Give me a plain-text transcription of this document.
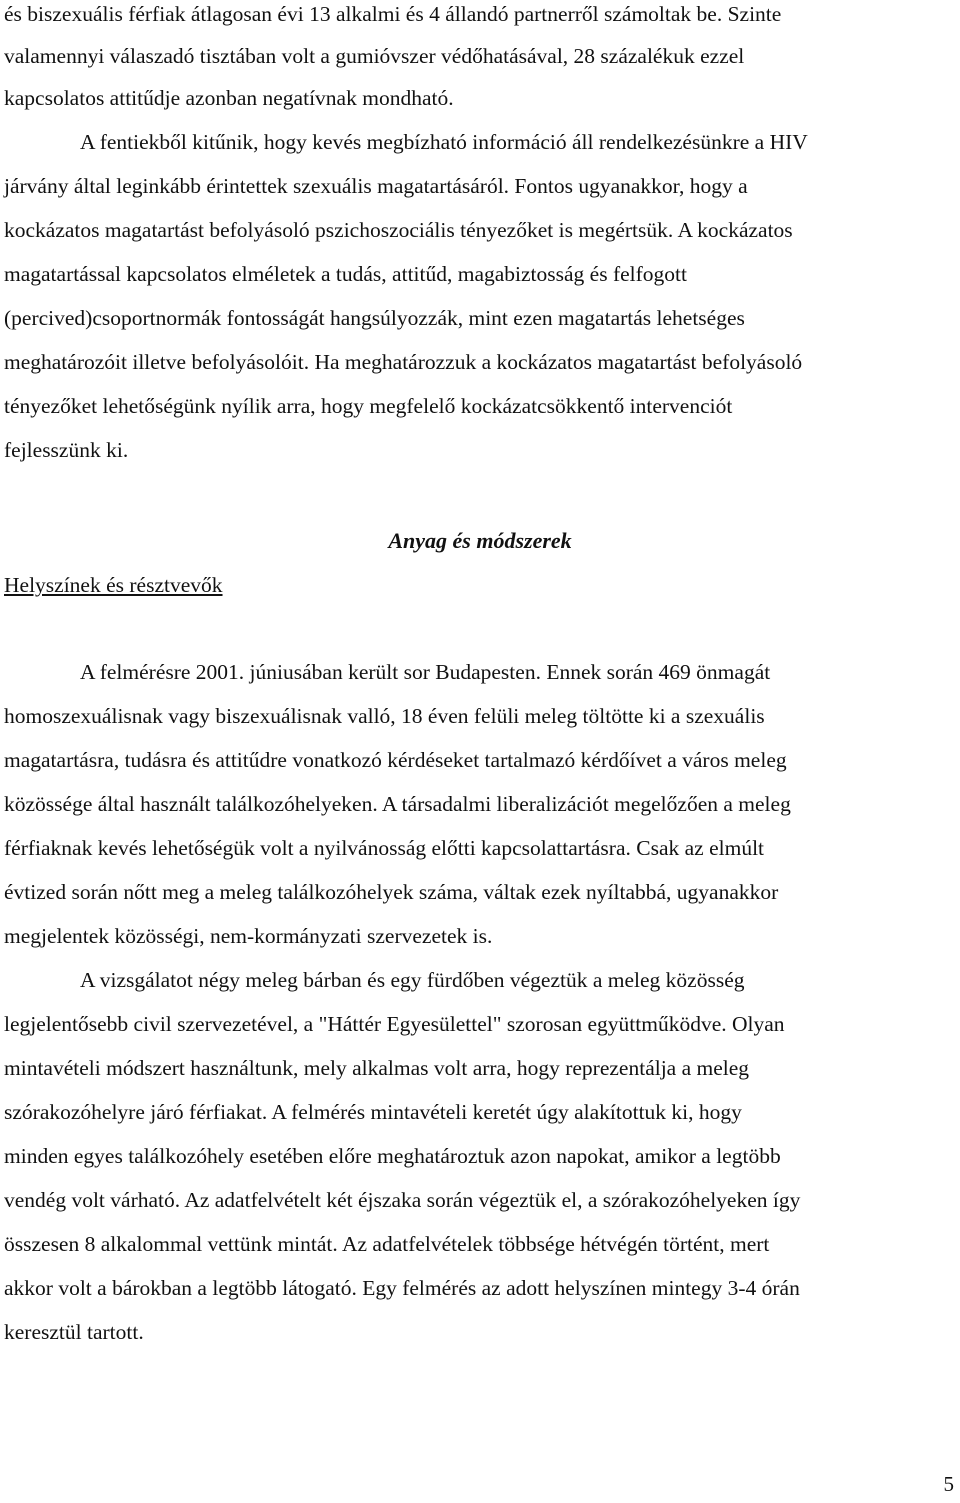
és biszexuális férfiak átlagosan évi 13 alkalmi és 4 állandó partnerről számoltak be. Szinte
valamennyi válaszadó tisztában volt a gumióvszer védőhatásával, 28 százalékuk ezzel
kapcsolatos attitűdje azonban negatívnak mondható.
A fentiekből kitűnik, hogy kevés megbízható információ áll rendelkezésünkre a HIV
járvány által leginkább érintettek szexuális magatartásáról. Fontos ugyanakkor, hogy a
kockázatos magatartást befolyásoló pszichoszociális tényezőket is megértsük. A kockázatos
magatartással kapcsolatos elméletek a tudás, attitűd, magabiztosság és felfogott
(percived)csoportnormák fontosságát hangsúlyozzák, mint ezen magatartás lehetséges
meghatározóit illetve befolyásolóit. Ha meghatározzuk a kockázatos magatartást befolyásoló
tényezőket lehetőségünk nyílik arra, hogy megfelelő kockázatcsökkentő intervenciót
fejlesszünk ki.
Anyag és módszerek
Helyszínek és résztvevők
A felmérésre 2001. júniusában került sor Budapesten. Ennek során 469 önmagát
homoszexuálisnak vagy biszexuálisnak valló, 18 éven felüli meleg töltötte ki a szexuális
magatartásra, tudásra és attitűdre vonatkozó kérdéseket tartalmazó kérdőívet a város meleg
közössége által használt találkozóhelyeken. A társadalmi liberalizációt megelőzően a meleg
férfiaknak kevés lehetőségük volt a nyilvánosság előtti kapcsolattartásra. Csak az elmúlt
évtized során nőtt meg a meleg találkozóhelyek száma, váltak ezek nyíltabbá, ugyanakkor
megjelentek közösségi, nem-kormányzati szervezetek is.
A vizsgálatot négy meleg bárban és egy fürdőben végeztük a meleg közösség
legjelentősebb civil szervezetével, a "Háttér Egyesülettel" szorosan együttműködve. Olyan
mintavételi módszert használtunk, mely alkalmas volt arra, hogy reprezentálja a meleg
szórakozóhelyre járó férfiakat. A felmérés mintavételi keretét úgy alakítottuk ki, hogy
minden egyes találkozóhely esetében előre meghatároztuk azon napokat, amikor a legtöbb
vendég volt várható. Az adatfelvételt két éjszaka során végeztük el, a szórakozóhelyeken így
összesen 8 alkalommal vettünk mintát. Az adatfelvételek többsége hétvégén történt, mert
akkor volt a bárokban a legtöbb látogató. Egy felmérés az adott helyszínen mintegy 3-4 órán
keresztül tartott.
5
